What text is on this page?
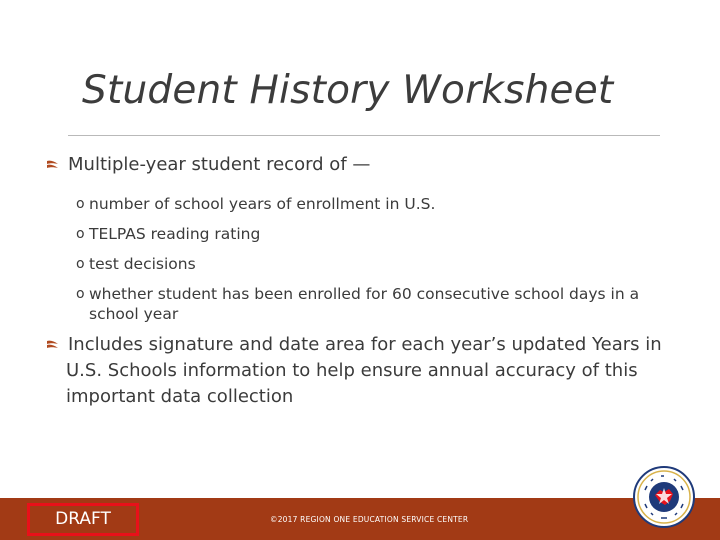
Student History Worksheet
Multiple-year student record of —
o number of school years of enrollment in U.S.
o TELPAS reading rating
o test decisions
o whether student has been enrolled for 60 consecutive school days in a school year
Includes signature and date area for each year’s updated Years in U.S. Schools information to help ensure annual accuracy of this important data collection
DRAFT	©2017 REGION ONE EDUCATION SERVICE CENTER
